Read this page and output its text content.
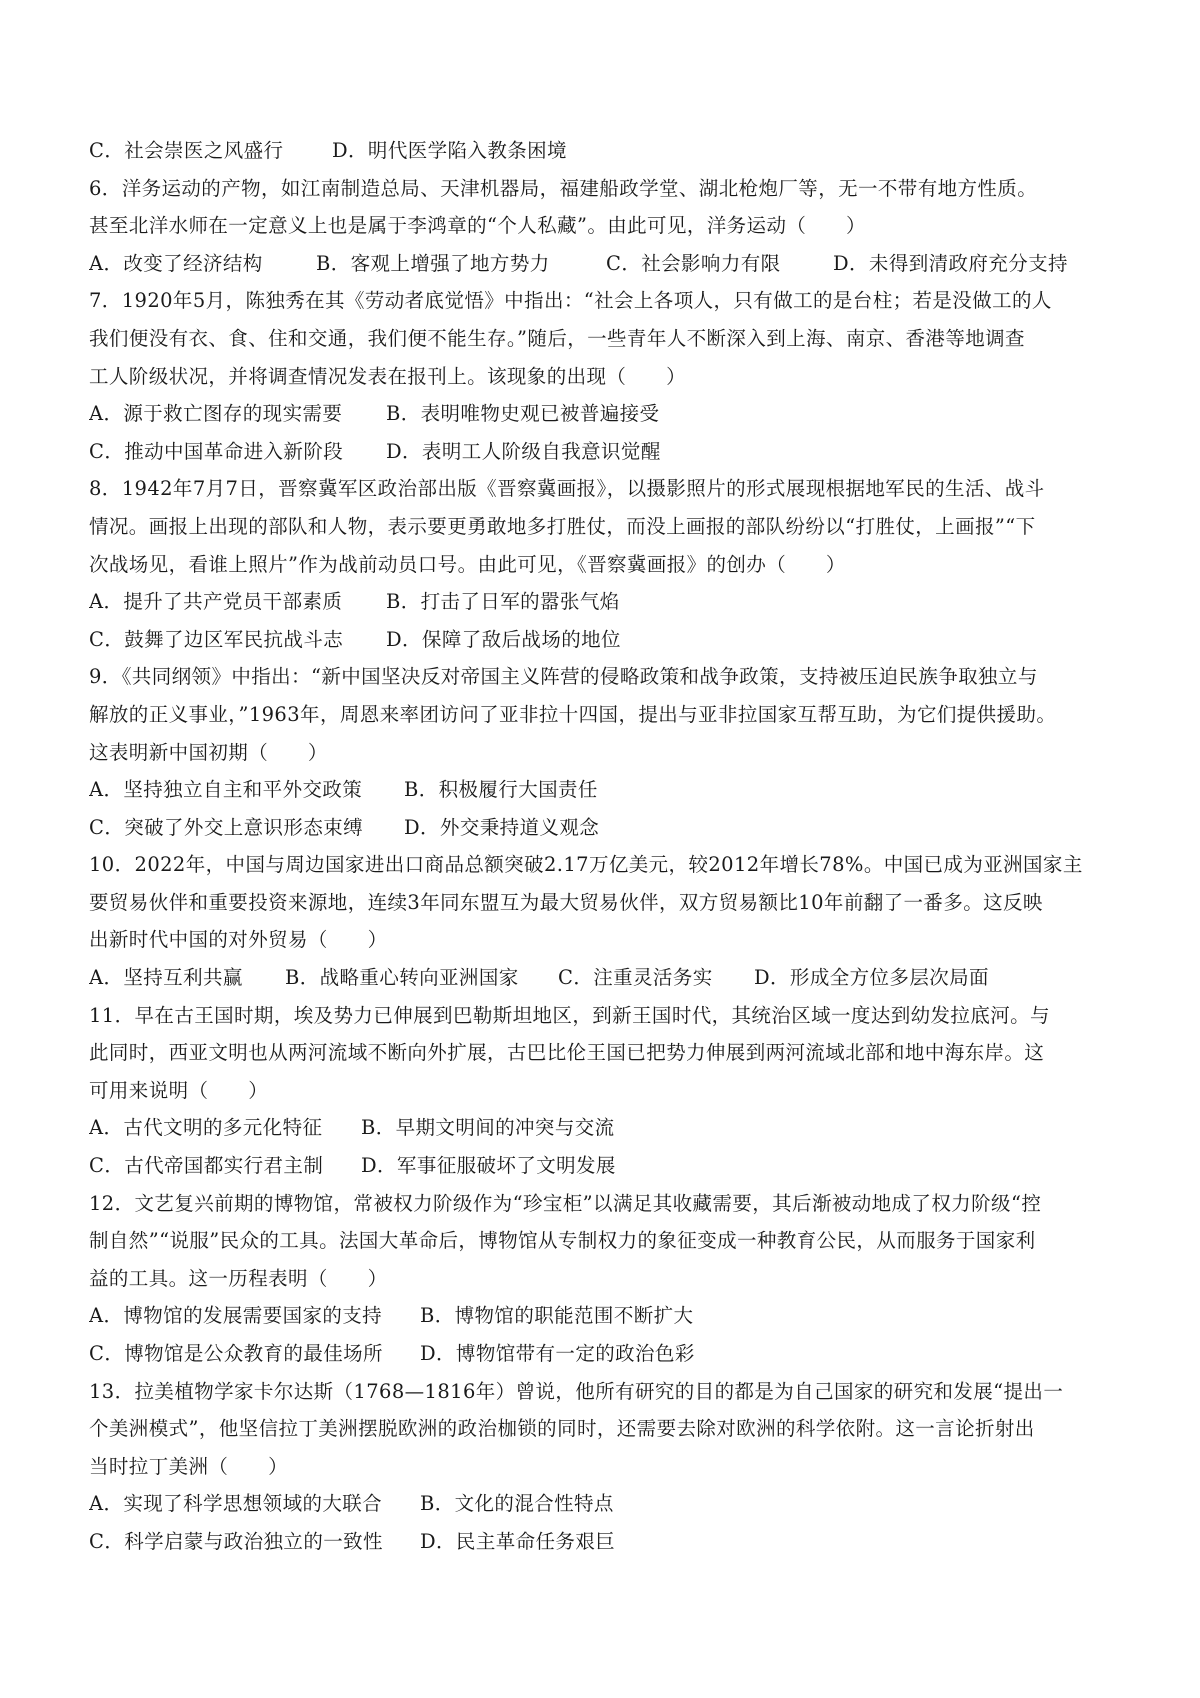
C．社会崇医之风盛行	D．明代医学陷入教条困境
6．洋务运动的产物，如江南制造总局、天津机器局，福建船政学堂、湖北枪炮厂等，无一不带有地方性质。
甚至北洋水师在一定意义上也是属于李鸿章的“个人私藏”。由此可见，洋务运动（　　）
A．改变了经济结构	B．客观上增强了地方势力	C．社会影响力有限	D．未得到清政府充分支持
7．1920年5月，陈独秀在其《劳动者底觉悟》中指出：“社会上各项人，只有做工的是台柱；若是没做工的人
我们便没有衣、食、住和交通，我们便不能生存。”随后，一些青年人不断深入到上海、南京、香港等地调查
工人阶级状况，并将调查情况发表在报刊上。该现象的出现（　　）
A．源于救亡图存的现实需要	B．表明唯物史观已被普遍接受
C．推动中国革命进入新阶段	D．表明工人阶级自我意识觉醒
8．1942年7月7日，晋察冀军区政治部出版《晋察冀画报》，以摄影照片的形式展现根据地军民的生活、战斗
情况。画报上出现的部队和人物，表示要更勇敢地多打胜仗，而没上画报的部队纷纷以“打胜仗，上画报”“下
次战场见，看谁上照片”作为战前动员口号。由此可见，《晋察冀画报》的创办（　　）
A．提升了共产党员干部素质	B．打击了日军的嚣张气焰
C．鼓舞了边区军民抗战斗志	D．保障了敌后战场的地位
9．《共同纲领》中指出：“新中国坚决反对帝国主义阵营的侵略政策和战争政策，支持被压迫民族争取独立与
解放的正义事业，”1963年，周恩来率团访问了亚非拉十四国，提出与亚非拉国家互帮互助，为它们提供援助。
这表明新中国初期（　　）
A．坚持独立自主和平外交政策	B．积极履行大国责任
C．突破了外交上意识形态束缚	D．外交秉持道义观念
10．2022年，中国与周边国家进出口商品总额突破2.17万亿美元，较2012年增长78%。中国已成为亚洲国家主
要贸易伙伴和重要投资来源地，连续3年同东盟互为最大贸易伙伴，双方贸易额比10年前翻了一番多。这反映
出新时代中国的对外贸易（　　）
A．坚持互利共赢	B．战略重心转向亚洲国家	C．注重灵活务实	D．形成全方位多层次局面
11．早在古王国时期，埃及势力已伸展到巴勒斯坦地区，到新王国时代，其统治区域一度达到幼发拉底河。与
此同时，西亚文明也从两河流域不断向外扩展，古巴比伦王国已把势力伸展到两河流域北部和地中海东岸。这
可用来说明（　　）
A．古代文明的多元化特征	B．早期文明间的冲突与交流
C．古代帝国都实行君主制	D．军事征服破坏了文明发展
12．文艺复兴前期的博物馆，常被权力阶级作为“珍宝柜”以满足其收藏需要，其后渐被动地成了权力阶级“控
制自然”“说服”民众的工具。法国大革命后，博物馆从专制权力的象征变成一种教育公民，从而服务于国家利
益的工具。这一历程表明（　　）
A．博物馆的发展需要国家的支持	B．博物馆的职能范围不断扩大
C．博物馆是公众教育的最佳场所	D．博物馆带有一定的政治色彩
13．拉美植物学家卡尔达斯（1768—1816年）曾说，他所有研究的目的都是为自己国家的研究和发展“提出一
个美洲模式”，他坚信拉丁美洲摆脱欧洲的政治枷锁的同时，还需要去除对欧洲的科学依附。这一言论折射出
当时拉丁美洲（　　）
A．实现了科学思想领域的大联合	B．文化的混合性特点
C．科学启蒙与政治独立的一致性	D．民主革命任务艰巨
